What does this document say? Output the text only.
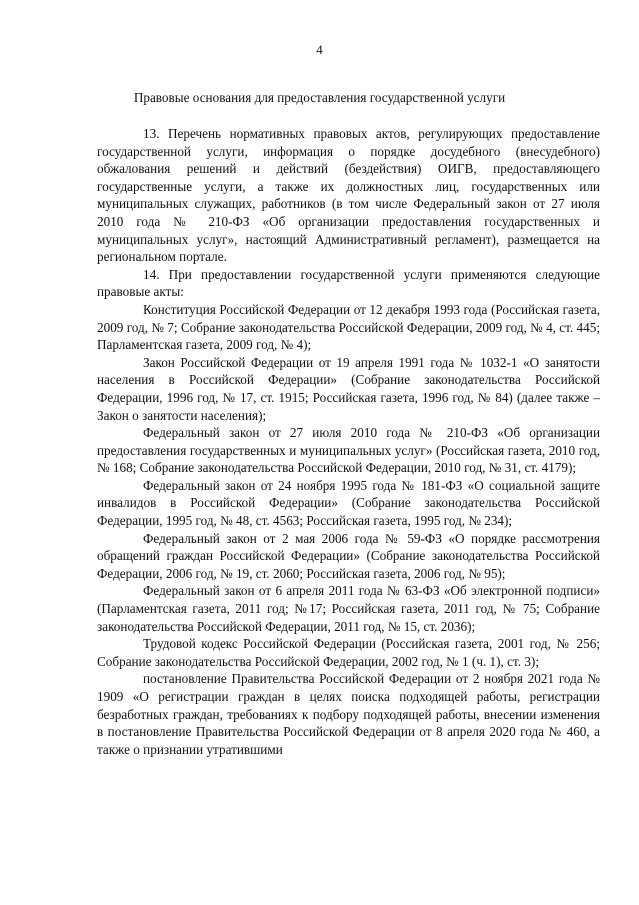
4
Правовые основания для предоставления государственной услуги

13. Перечень нормативных правовых актов, регулирующих предоставление государственной услуги, информация о порядке досудебного (внесудебного) обжалования решений и действий (бездействия) ОИГВ, предоставляющего государственные услуги, а также их должностных лиц, государственных или муниципальных служащих, работников (в том числе Федеральный закон от 27 июля 2010 года № 210-ФЗ «Об организации предоставления государственных и муниципальных услуг», настоящий Административный регламент), размещается на региональном портале.

14. При предоставлении государственной услуги применяются следующие правовые акты:

Конституция Российской Федерации от 12 декабря 1993 года (Российская газета, 2009 год, № 7; Собрание законодательства Российской Федерации, 2009 год, № 4, ст. 445; Парламентская газета, 2009 год, № 4);

Закон Российской Федерации от 19 апреля 1991 года № 1032-1 «О занятости населения в Российской Федерации» (Собрание законодательства Российской Федерации, 1996 год, № 17, ст. 1915; Российская газета, 1996 год, № 84) (далее также – Закон о занятости населения);

Федеральный закон от 27 июля 2010 года № 210-ФЗ «Об организации предоставления государственных и муниципальных услуг» (Российская газета, 2010 год, № 168; Собрание законодательства Российской Федерации, 2010 год, № 31, ст. 4179);

Федеральный закон от 24 ноября 1995 года № 181-ФЗ «О социальной защите инвалидов в Российской Федерации» (Собрание законодательства Российской Федерации, 1995 год, № 48, ст. 4563; Российская газета, 1995 год, № 234);

Федеральный закон от 2 мая 2006 года № 59-ФЗ «О порядке рассмотрения обращений граждан Российской Федерации» (Собрание законодательства Российской Федерации, 2006 год, № 19, ст. 2060; Российская газета, 2006 год, № 95);

Федеральный закон от 6 апреля 2011 года № 63-ФЗ «Об электронной подписи» (Парламентская газета, 2011 год; №17; Российская газета, 2011 год, № 75; Собрание законодательства Российской Федерации, 2011 год, № 15, ст. 2036);

Трудовой кодекс Российской Федерации (Российская газета, 2001 год, № 256; Собрание законодательства Российской Федерации, 2002 год, № 1 (ч. 1), ст. 3);

постановление Правительства Российской Федерации от 2 ноября 2021 года № 1909 «О регистрации граждан в целях поиска подходящей работы, регистрации безработных граждан, требованиях к подбору подходящей работы, внесении изменения в постановление Правительства Российской Федерации от 8 апреля 2020 года № 460, а также о признании утратившими
